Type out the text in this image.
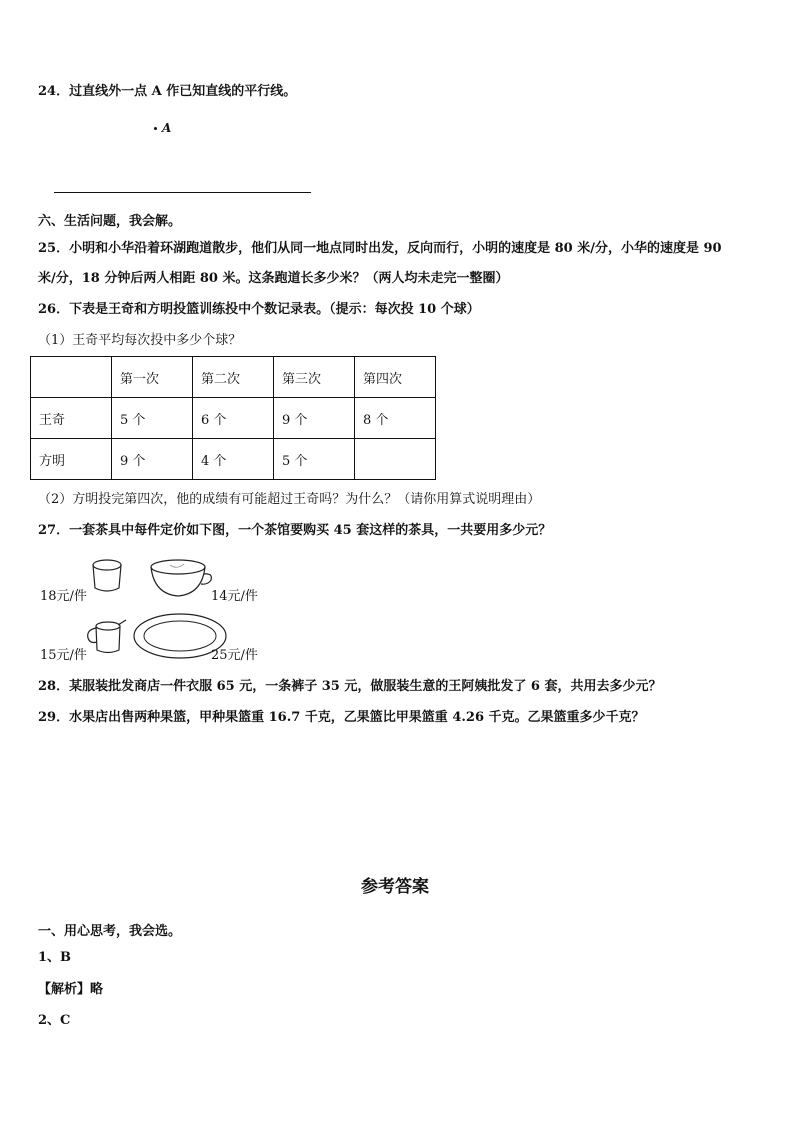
24．过直线外一点 A 作已知直线的平行线。
A
六、生活问题，我会解。
25．小明和小华沿着环湖跑道散步，他们从同一地点同时出发，反向而行，小明的速度是 80 米/分，小华的速度是 90
米/分，18 分钟后两人相距 80 米。这条跑道长多少米？（两人均未走完一整圈）
26．下表是王奇和方明投篮训练投中个数记录表。（提示：每次投 10 个球）
（1）王奇平均每次投中多少个球？
	第一次	第二次	第三次	第四次
王奇	5 个	6 个	9 个	8 个
方明	9 个	4 个	5 个	
（2）方明投完第四次，他的成绩有可能超过王奇吗？为什么？（请你用算式说明理由）
27．一套茶具中每件定价如下图，一个茶馆要购买 45 套这样的茶具，一共要用多少元？
18元/件	14元/件
15元/件	25元/件
28．某服装批发商店一件衣服 65 元，一条裤子 35 元，做服装生意的王阿姨批发了 6 套，共用去多少元？
29．水果店出售两种果篮，甲种果篮重 16.7 千克，乙果篮比甲果篮重 4.26 千克。乙果篮重多少千克？
参考答案
一、用心思考，我会选。
1、B
【解析】略
2、C
